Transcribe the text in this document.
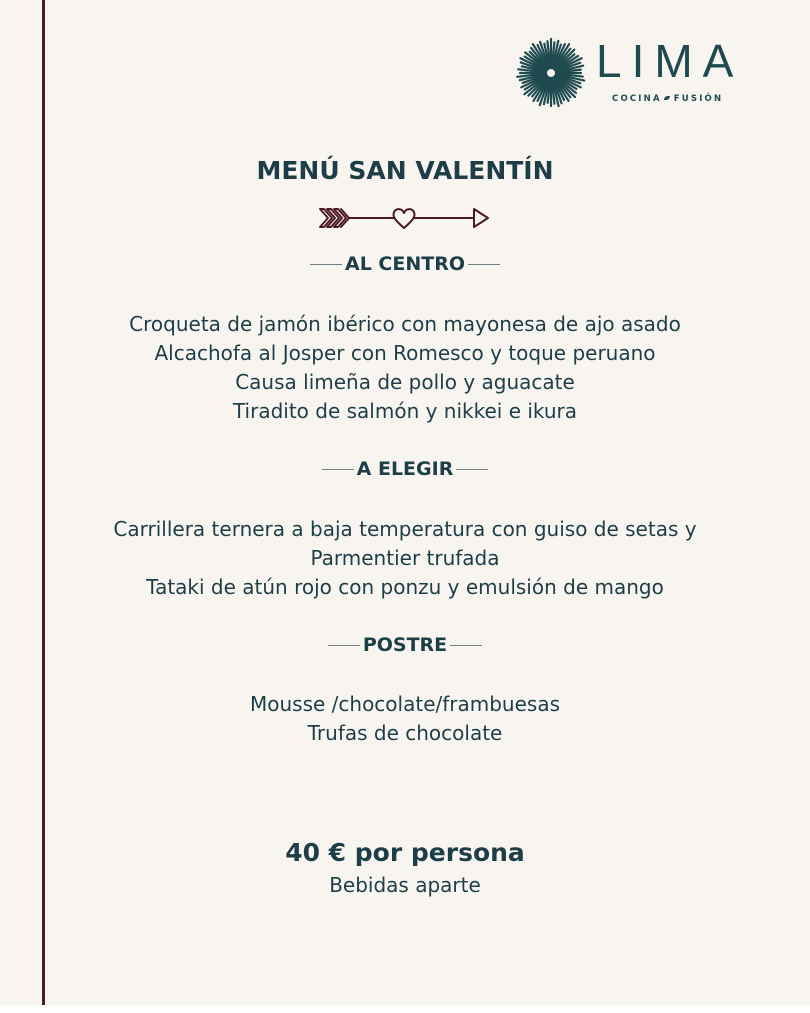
LIMA
COCINA FUSIÓN
MENÚ SAN VALENTÍN
AL CENTRO
Croqueta de jamón ibérico con mayonesa de ajo asado
Alcachofa al Josper con Romesco y toque peruano
Causa limeña de pollo y aguacate
Tiradito de salmón y nikkei e ikura
A ELEGIR
Carrillera ternera a baja temperatura con guiso de setas y
Parmentier trufada
Tataki de atún rojo con ponzu y emulsión de mango
POSTRE
Mousse /chocolate/frambuesas
Trufas de chocolate
40 € por persona
Bebidas aparte
